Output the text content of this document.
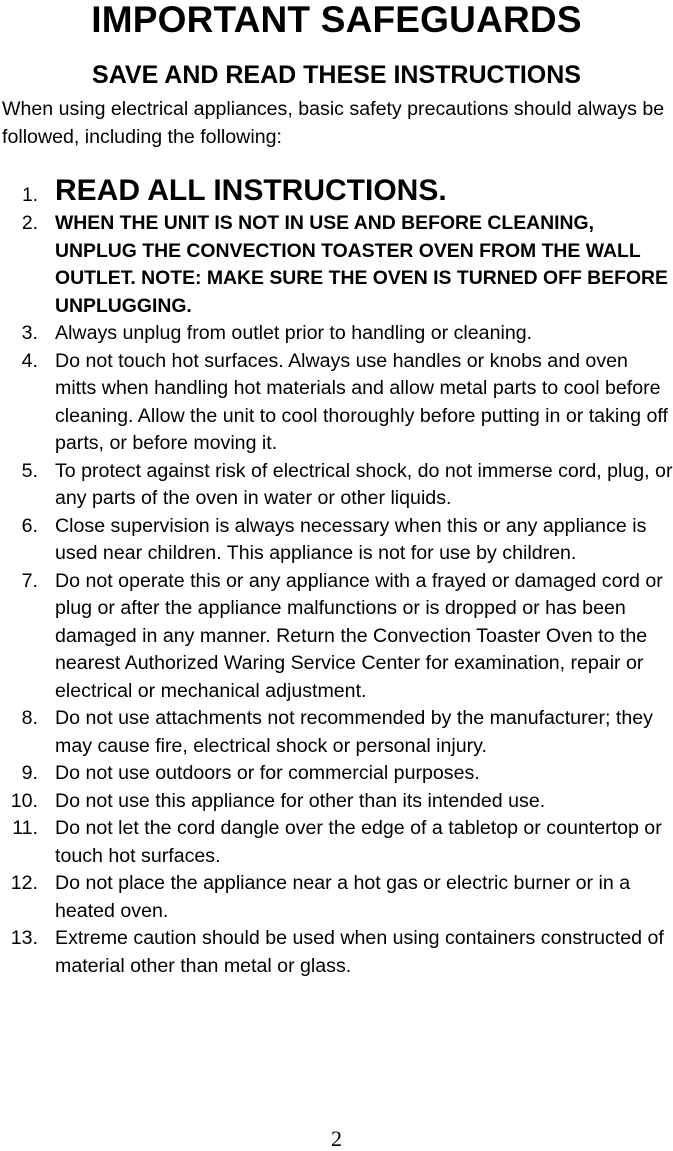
IMPORTANT SAFEGUARDS
SAVE AND READ THESE INSTRUCTIONS

When using electrical appliances, basic safety precautions should always be followed, including the following:

1. READ ALL INSTRUCTIONS.
2. WHEN THE UNIT IS NOT IN USE AND BEFORE CLEANING, UNPLUG THE CONVECTION TOASTER OVEN FROM THE WALL OUTLET. NOTE: MAKE SURE THE OVEN IS TURNED OFF BEFORE UNPLUGGING.
3. Always unplug from outlet prior to handling or cleaning.
4. Do not touch hot surfaces. Always use handles or knobs and oven mitts when handling hot materials and allow metal parts to cool before cleaning. Allow the unit to cool thoroughly before putting in or taking off parts, or before moving it.
5. To protect against risk of electrical shock, do not immerse cord, plug, or any parts of the oven in water or other liquids.
6. Close supervision is always necessary when this or any appliance is used near children. This appliance is not for use by children.
7. Do not operate this or any appliance with a frayed or damaged cord or plug or after the appliance malfunctions or is dropped or has been damaged in any manner. Return the Convection Toaster Oven to the nearest Authorized Waring Service Center for examination, repair or electrical or mechanical adjustment.
8. Do not use attachments not recommended by the manufacturer; they may cause fire, electrical shock or personal injury.
9. Do not use outdoors or for commercial purposes.
10. Do not use this appliance for other than its intended use.
11. Do not let the cord dangle over the edge of a tabletop or countertop or touch hot surfaces.
12. Do not place the appliance near a hot gas or electric burner or in a heated oven.
13. Extreme caution should be used when using containers constructed of material other than metal or glass.
2
